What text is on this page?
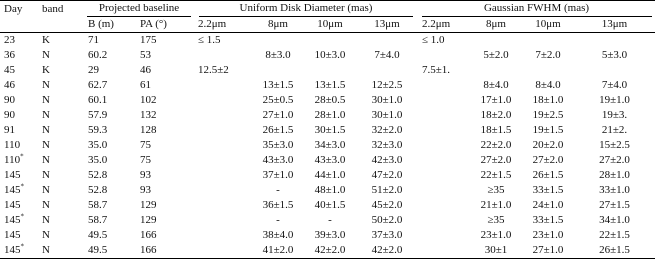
Day	band	Projected baseline		Uniform Disk Diameter (mas)				Gaussian FWHM (mas)			
		B (m)	PA (°)	2.2μm	8μm	10μm	13μm	2.2μm	8μm	10μm	13μm
23	K	71	175	≤ 1.5				≤ 1.0			
36	N	60.2	53		8±3.0	10±3.0	7±4.0		5±2.0	7±2.0	5±3.0
45	K	29	46	12.5±2				7.5±1.			
46	N	62.7	61		13±1.5	13±1.5	12±2.5		8±4.0	8±4.0	7±4.0
90	N	60.1	102		25±0.5	28±0.5	30±1.0		17±1.0	18±1.0	19±1.0
90	N	57.9	132		27±1.0	28±1.0	30±1.0		18±2.0	19±2.5	19±3.
91	N	59.3	128		26±1.5	30±1.5	32±2.0		18±1.5	19±1.5	21±2.
110	N	35.0	75		35±3.0	34±3.0	32±3.0		22±2.0	20±2.0	15±2.5
110*	N	35.0	75		43±3.0	43±3.0	42±3.0		27±2.0	27±2.0	27±2.0
145	N	52.8	93		37±1.0	44±1.0	47±2.0		22±1.5	26±1.5	28±1.0
145*	N	52.8	93		-	48±1.0	51±2.0		≥35	33±1.5	33±1.0
145	N	58.7	129		36±1.5	40±1.5	45±2.0		21±1.0	24±1.0	27±1.5
145*	N	58.7	129		-	-	50±2.0		≥35	33±1.5	34±1.0
145	N	49.5	166		38±4.0	39±3.0	37±3.0		23±1.0	23±1.0	22±1.5
145*	N	49.5	166		41±2.0	42±2.0	42±2.0		30±1	27±1.0	26±1.5
